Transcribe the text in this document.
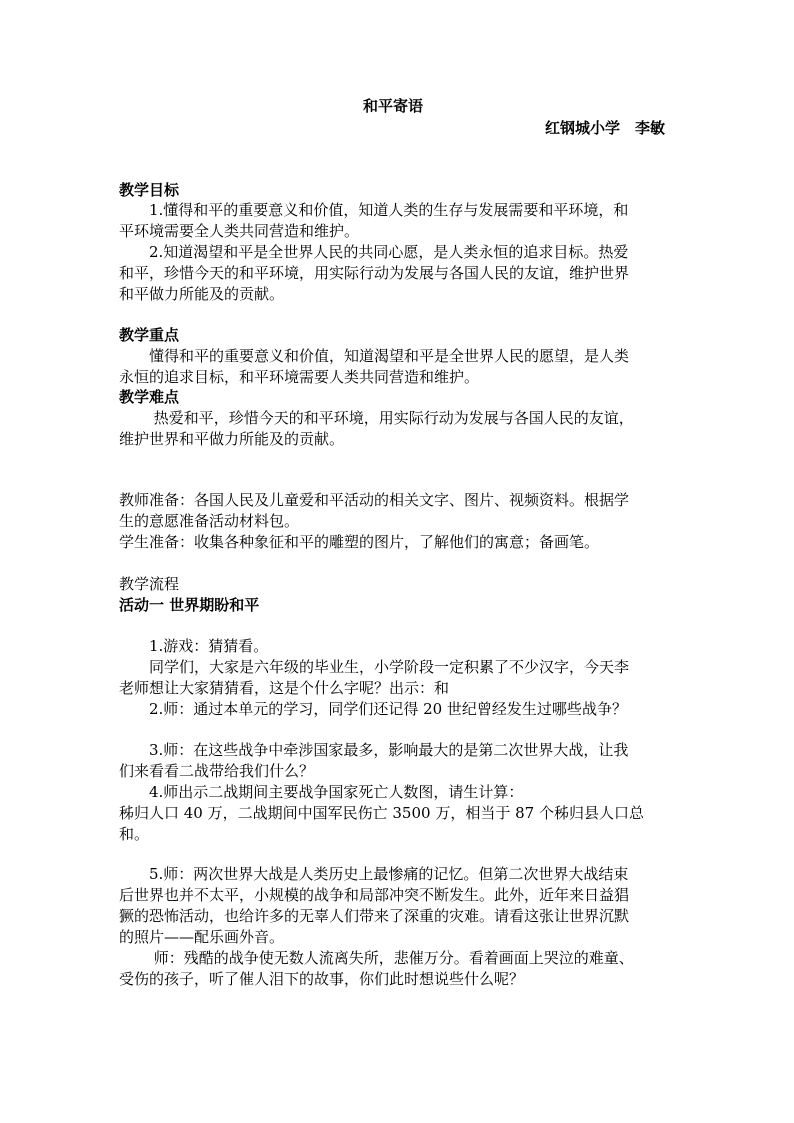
和平寄语
红钢城小学　李敏
教学目标
　　1.懂得和平的重要意义和价值，知道人类的生存与发展需要和平环境，和
平环境需要全人类共同营造和维护。
　　2.知道渴望和平是全世界人民的共同心愿，是人类永恒的追求目标。热爱
和平，珍惜今天的和平环境，用实际行动为发展与各国人民的友谊，维护世界
和平做力所能及的贡献。
教学重点
　　懂得和平的重要意义和价值，知道渴望和平是全世界人民的愿望，是人类
永恒的追求目标，和平环境需要人类共同营造和维护。
教学难点
　　 热爱和平，珍惜今天的和平环境，用实际行动为发展与各国人民的友谊，
维护世界和平做力所能及的贡献。
教师准备：各国人民及儿童爱和平活动的相关文字、图片、视频资料。根据学
生的意愿准备活动材料包。
学生准备：收集各种象征和平的雕塑的图片，了解他们的寓意；备画笔。
教学流程
活动一 世界期盼和平
　　1.游戏：猜猜看。
　　同学们，大家是六年级的毕业生，小学阶段一定积累了不少汉字，今天李
老师想让大家猜猜看，这是个什么字呢？出示：和
　　2.师：通过本单元的学习，同学们还记得 20 世纪曾经发生过哪些战争？
　　3.师：在这些战争中牵涉国家最多，影响最大的是第二次世界大战，让我
们来看看二战带给我们什么？
　　4.师出示二战期间主要战争国家死亡人数图，请生计算：
秭归人口 40 万，二战期间中国军民伤亡 3500 万，相当于 87 个秭归县人口总
和。
　　5.师：两次世界大战是人类历史上最惨痛的记忆。但第二次世界大战结束
后世界也并不太平，小规模的战争和局部冲突不断发生。此外，近年来日益猖
獗的恐怖活动，也给许多的无辜人们带来了深重的灾难。请看这张让世界沉默
的照片——配乐画外音。
　　 师：残酷的战争使无数人流离失所，悲催万分。看着画面上哭泣的难童、
受伤的孩子，听了催人泪下的故事，你们此时想说些什么呢？
